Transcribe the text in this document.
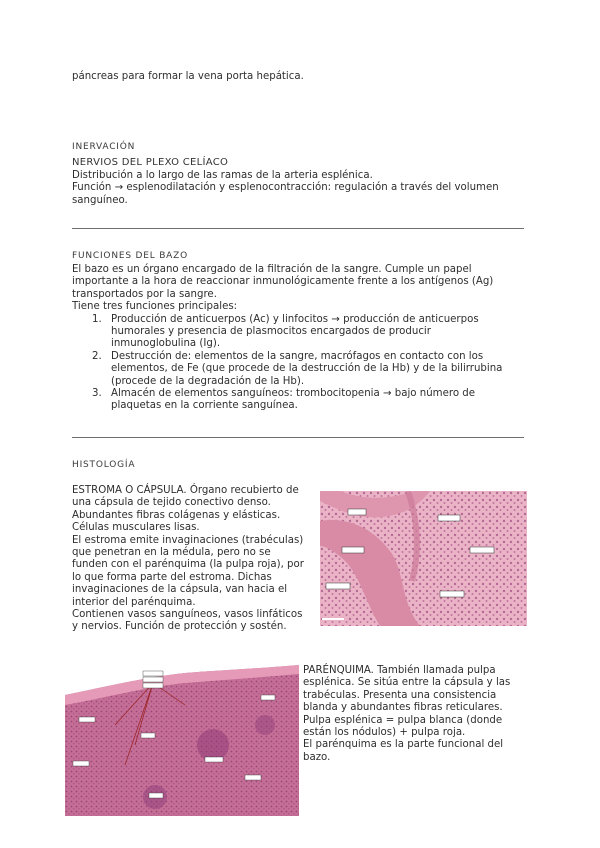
páncreas para formar la vena porta hepática.
INERVACIÓN
NERVIOS DEL PLEXO CELÍACO

Distribución a lo largo de las ramas de la arteria esplénica.

Función → esplenodilatación y esplenocontracción: regulación a través del volumen sanguíneo.

FUNCIONES DEL BAZO

El bazo es un órgano encargado de la filtración de la sangre. Cumple un papel importante a la hora de reaccionar inmunológicamente frente a los antígenos (Ag) transportados por la sangre.

Tiene tres funciones principales:

1. Producción de anticuerpos (Ac) y linfocitos → producción de anticuerpos humorales y presencia de plasmocitos encargados de producir inmunoglobulina (Ig).
2. Destrucción de: elementos de la sangre, macrófagos en contacto con los elementos, de Fe (que procede de la destrucción de la Hb) y de la bilirrubina (procede de la degradación de la Hb).
3. Almacén de elementos sanguíneos: trombocitopenia → bajo número de plaquetas en la corriente sanguínea.
HISTOLOGÍA

ESTROMA O CÁPSULA. Órgano recubierto de una cápsula de tejido conectivo denso.

Abundantes fibras colágenas y elásticas.

Células musculares lisas.

El estroma emite invaginaciones (trabéculas) que penetran en la médula, pero no se funden con el parénquima (la pulpa roja), por lo que forma parte del estroma. Dichas invaginaciones de la cápsula, van hacia el interior del parénquima.

Contienen vasos sanguíneos, vasos linfáticos y nervios. Función de protección y sostén.

PARÉNQUIMA. También llamada pulpa esplénica. Se sitúa entre la cápsula y las trabéculas. Presenta una consistencia blanda y abundantes fibras reticulares.

Pulpa esplénica = pulpa blanca (donde están los nódulos) + pulpa roja.

El parénquima es la parte funcional del bazo.
